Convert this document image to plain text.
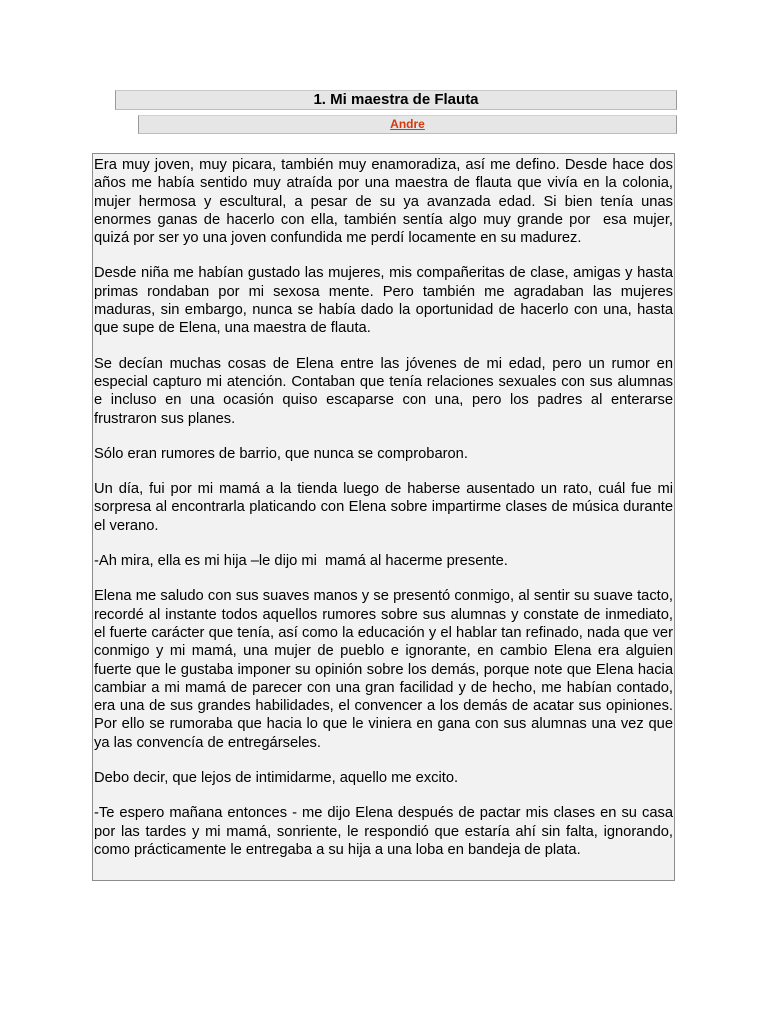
1. Mi maestra de Flauta
Andre

Era muy joven, muy picara, también muy enamoradiza, así me defino. Desde hace dos años me había sentido muy atraída por una maestra de flauta que vivía en la colonia, mujer hermosa y escultural, a pesar de su ya avanzada edad. Si bien tenía unas enormes ganas de hacerlo con ella, también sentía algo muy grande por  esa mujer, quizá por ser yo una joven confundida me perdí locamente en su madurez.

Desde niña me habían gustado las mujeres, mis compañeritas de clase, amigas y hasta primas rondaban por mi sexosa mente. Pero también me agradaban las mujeres maduras, sin embargo, nunca se había dado la oportunidad de hacerlo con una, hasta que supe de Elena, una maestra de flauta.

Se decían muchas cosas de Elena entre las jóvenes de mi edad, pero un rumor en especial capturo mi atención. Contaban que tenía relaciones sexuales con sus alumnas e incluso en una ocasión quiso escaparse con una, pero los padres al enterarse frustraron sus planes.

Sólo eran rumores de barrio, que nunca se comprobaron.

Un día, fui por mi mamá a la tienda luego de haberse ausentado un rato, cuál fue mi sorpresa al encontrarla platicando con Elena sobre impartirme clases de música durante el verano.

-Ah mira, ella es mi hija –le dijo mi  mamá al hacerme presente.

Elena me saludo con sus suaves manos y se presentó conmigo, al sentir su suave tacto, recordé al instante todos aquellos rumores sobre sus alumnas y constate de inmediato, el fuerte carácter que tenía, así como la educación y el hablar tan refinado, nada que ver conmigo y mi mamá, una mujer de pueblo e ignorante, en cambio Elena era alguien fuerte que le gustaba imponer su opinión sobre los demás, porque note que Elena hacia cambiar a mi mamá de parecer con una gran facilidad y de hecho, me habían contado, era una de sus grandes habilidades, el convencer a los demás de acatar sus opiniones. Por ello se rumoraba que hacia lo que le viniera en gana con sus alumnas una vez que ya las convencía de entregárseles.

Debo decir, que lejos de intimidarme, aquello me excito.

-Te espero mañana entonces - me dijo Elena después de pactar mis clases en su casa por las tardes y mi mamá, sonriente, le respondió que estaría ahí sin falta, ignorando, como prácticamente le entregaba a su hija a una loba en bandeja de plata.
